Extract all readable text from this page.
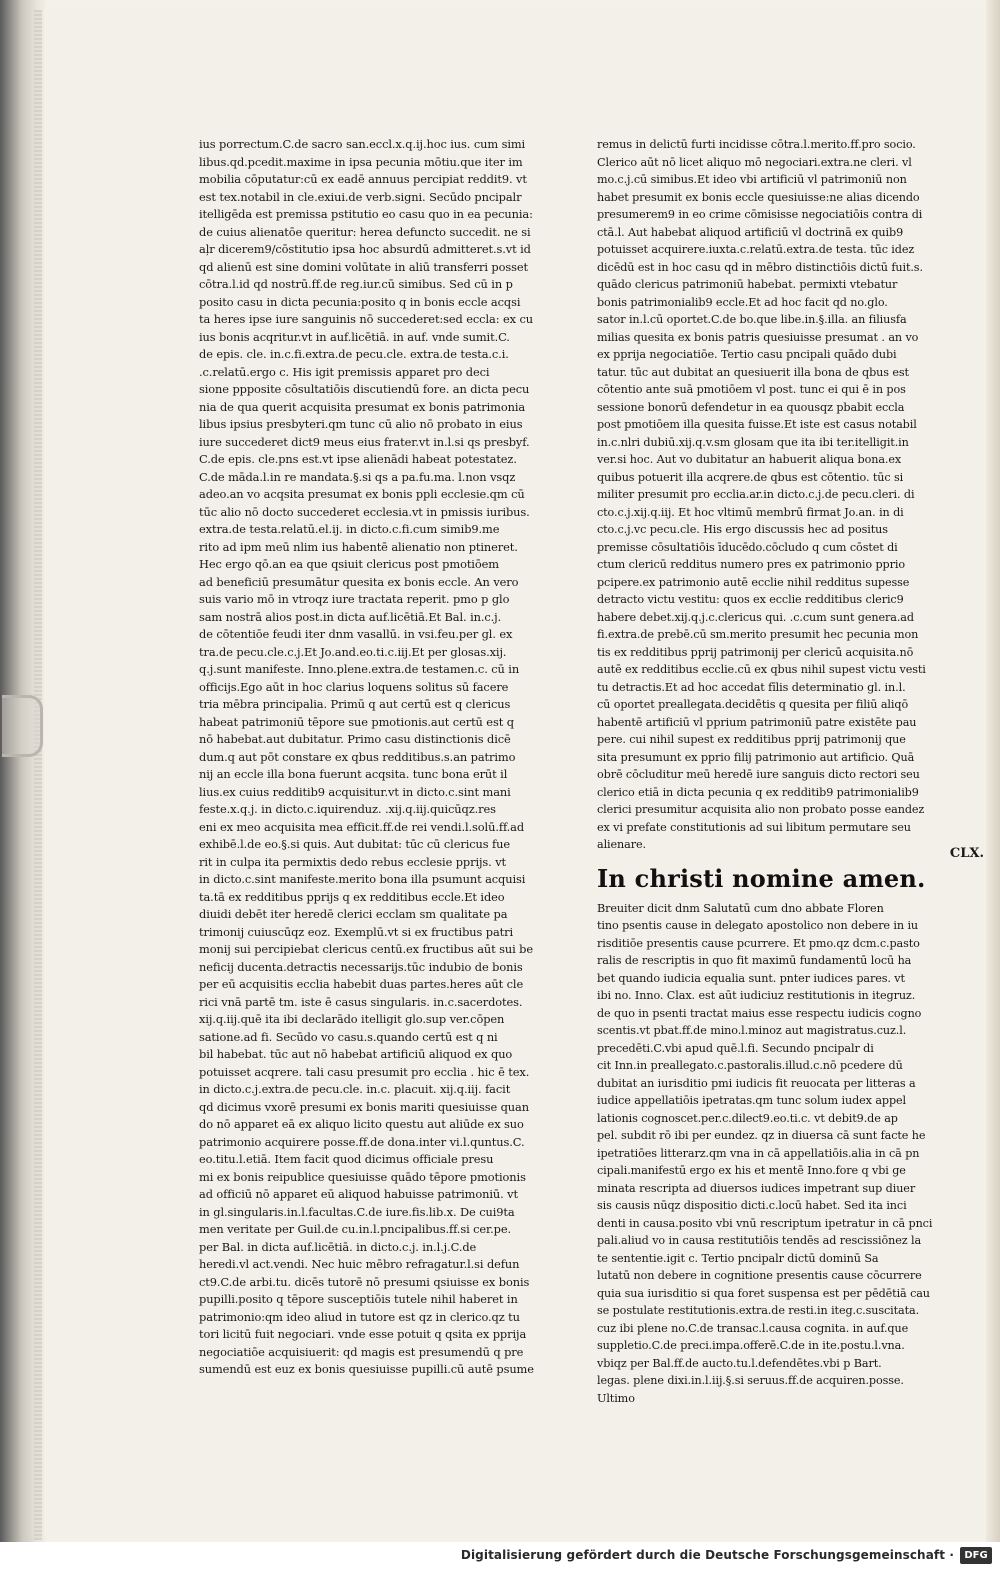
ius porrectum.C.de sacro san.eccl.x.q.ij.hoc ius. cum simi

libus.qd.pcedit.maxime in ipsa pecunia mōtiu.que iter im

mobilia cōputatur:cū ex eadē annuus percipiat reddit9. vt

est tex.notabil in cle.exiui.de verb.signi. Secūdo pncipalr

itelligēda est premissa pstitutio eo casu quo in ea pecunia:

de cuius alienatōe queritur: herea defuncto succedit. ne si

aļr dicerem9/cōstitutio ipsa hoc absurdū admitteret.s.vt id

qd alienū est sine domini volūtate in aliū transferri posset

cōtra.l.id qd nostrū.ff.de reg.iur.cū simibus. Sed cū in p

posito casu in dicta pecunia:posito q in bonis eccle acqsi

ta heres ipse iure sanguinis nō succederet:sed eccla: ex cu

ius bonis acqritur.vt in auf.licētiā. in auf. vnde sumit.C.

de epis. cle. in.c.fi.extra.de pecu.cle. extra.de testa.c.i.

.c.relatū.ergo c. His igit premissis apparet pro deci

sione ppposite cōsultatiōis discutiendū fore. an dicta pecu

nia de qua querit acquisita presumat ex bonis patrimonia

libus ipsius presbyteri.qm tunc cū alio nō probato in eius

iure succederet dict9 meus eius frater.vt in.l.si qs presbyf.

C.de epis. cle.pns est.vt ipse alienādi habeat potestatez.

C.de māda.l.in re mandata.§.si qs a pa.fu.ma. l.non vsqz

adeo.an vo acqsita presumat ex bonis ppli ecclesie.qm cū

tūc alio nō docto succederet ecclesia.vt in pmissis iuribus.

extra.de testa.relatū.el.ij. in dicto.c.fi.cum simib9.me

rito ad ipm meū nlim ius habentē alienatio non ptineret.

Hec ergo qō.an ea que qsiuit clericus post pmotiōem

ad beneficiū presumātur quesita ex bonis eccle. An vero

suis vario mō in vtroqz iure tractata reperit. pmo p glo

sam nostrā alios post.in dicta auf.licētiā.Et Bal. in.c.j.

de cōtentiōe feudi iter dnm vasallū. in vsi.feu.per gl. ex

tra.de pecu.cle.c.j.Et Jo.and.eo.ti.c.iij.Et per glosas.xij.

q.j.sunt manifeste. Inno.plene.extra.de testamen.c. cū in

officijs.Ego aūt in hoc clarius loquens solitus sū facere

tria mēbra principalia. Primū q aut certū est q clericus

habeat patrimoniū tēpore sue pmotionis.aut certū est q

nō habebat.aut dubitatur. Primo casu distinctionis dicē

dum.q aut pōt constare ex qbus redditibus.s.an patrimo

nij an eccle illa bona fuerunt acqsita. tunc bona erūt il

lius.ex cuius redditib9 acquisitur.vt in dicto.c.sint mani

feste.x.q.j. in dicto.c.iquirenduz. .xij.q.iij.quicūqz.res

eni ex meo acquisita mea efficit.ff.de rei vendi.l.solū.ff.ad

exhibē.l.de eo.§.si quis. Aut dubitat: tūc cū clericus fue

rit in culpa ita permixtis dedo rebus ecclesie pprijs. vt

in dicto.c.sint manifeste.merito bona illa psumunt acquisi

ta.tā ex redditibus pprijs q ex redditibus eccle.Et ideo

diuidi debēt iter heredē clerici ecclam sm qualitate pa

trimonij cuiuscūqz eoz. Exemplū.vt si ex fructibus patri

monij sui percipiebat clericus centū.ex fructibus aūt sui be

neficij ducenta.detractis necessarijs.tūc indubio de bonis

per eū acquisitis ecclia habebit duas partes.heres aūt cle

rici vnā partē tm. iste ē casus singularis. in.c.sacerdotes.

xij.q.iij.quē ita ibi declarādo itelligit glo.sup ver.cōpen

satione.ad fi. Secūdo vo casu.s.quando certū est q ni

bil habebat. tūc aut nō habebat artificiū aliquod ex quo

potuisset acqrere. tali casu presumit pro ecclia . hic ē tex.

in dicto.c.j.extra.de pecu.cle. in.c. placuit. xij.q.iij. facit

qd dicimus vxorē presumi ex bonis mariti quesiuisse quan

do nō apparet eā ex aliquo licito questu aut aliūde ex suo

patrimonio acquirere posse.ff.de dona.inter vi.l.quntus.C.

eo.titu.l.etiā. Item facit quod dicimus officiale presu

mi ex bonis reipublice quesiuisse quādo tēpore pmotionis

ad officiū nō apparet eū aliquod habuisse patrimoniū. vt

in gl.singularis.in.l.facultas.C.de iure.fis.lib.x. De cui9ta

men veritate per Guil.de cu.in.l.pncipalibus.ff.si cer.pe.

per Bal. in dicta auf.licētiā. in dicto.c.j. in.l.j.C.de

heredi.vl act.vendi. Nec huic mēbro refragatur.l.si defun

ct9.C.de arbi.tu. dicēs tutorē nō presumi qsiuisse ex bonis

pupilli.posito q tēpore susceptiōis tutele nihil haberet in

patrimonio:qm ideo aliud in tutore est qz in clerico.qz tu

tori licitū fuit negociari. vnde esse potuit q qsita ex pprija

negociatiōe acquisiuerit: qd magis est presumendū q pre

sumendū est euz ex bonis quesiuisse pupilli.cū autē psume

remus in delictū furti incidisse cōtra.l.merito.ff.pro socio.

Clerico aūt nō licet aliquo mō negociari.extra.ne cleri. vl

mo.c.j.cū simibus.Et ideo vbi artificiū vl patrimoniū non

habet presumit ex bonis eccle quesiuisse:ne alias dicendo

presumerem9 in eo crime cōmisisse negociatiōis contra di

ctā.l. Aut habebat aliquod artificiū vl doctrinā ex quib9

potuisset acquirere.iuxta.c.relatū.extra.de testa. tūc idez

dicēdū est in hoc casu qd in mēbro distinctiōis dictū fuit.s.

quādo clericus patrimoniū habebat. permixti vtebatur

bonis patrimonialib9 eccle.Et ad hoc facit qd no.glo.

sator in.l.cū oportet.C.de bo.que libe.in.§.illa. an filiusfa

milias quesita ex bonis patris quesiuisse presumat . an vo

ex pprija negociatiōe. Tertio casu pncipali quādo dubi

tatur. tūc aut dubitat an quesiuerit illa bona de qbus est

cōtentio ante suā pmotiōem vl post. tunc ei qui ē in pos

sessione bonorū defendetur in ea quousqz pbabit eccla

post pmotiōem illa quesita fuisse.Et iste est casus notabil

in.c.nlri dubiū.xij.q.v.sm glosam que ita ibi ter.itelligit.in

ver.si hoc. Aut vo dubitatur an habuerit aliqua bona.ex

quibus potuerit illa acqrere.de qbus est cōtentio. tūc si

militer presumit pro ecclia.ar.in dicto.c.j.de pecu.cleri. di

cto.c.j.xij.q.iij. Et hoc vltimū membrū firmat Jo.an. in di

cto.c.j.vc pecu.cle. His ergo discussis hec ad positus

premisse cōsultatiōis īducēdo.cōcludo q cum cōstet di

ctum clericū redditus numero pres ex patrimonio pprio

pcipere.ex patrimonio autē ecclie nihil redditus supesse

detracto victu vestitu: quos ex ecclie redditibus cleric9

habere debet.xij.q.j.c.clericus qui. .c.cum sunt genera.ad

fi.extra.de prebē.cū sm.merito presumit hec pecunia mon

tis ex redditibus pprij patrimonij per clericū acquisita.nō

autē ex redditibus ecclie.cū ex qbus nihil supest victu vesti

tu detractis.Et ad hoc accedat fīlis determinatio gl. in.l.

cū oportet preallegata.decidētis q quesita per filiū aliqō

habentē artificiū vl pprium patrimoniū patre existēte pau

pere. cui nihil supest ex redditibus pprij patrimonij que

sita presumunt ex pprio filij patrimonio aut artificio. Quā

obrē cōcluditur meū heredē iure sanguis dicto rectori seu

clerico etiā in dicta pecunia q ex redditib9 patrimonialib9

clerici presumitur acquisita alio non probato posse eandez

ex vi prefate constitutionis ad sui libitum permutare seu

alienare.

CLX.
In christi nomine amen.

Breuiter dicit dnm Salutatū cum dno abbate Floren

tino psentis cause in delegato apostolico non debere in iu

risditiōe presentis cause pcurrere. Et pmo.qz dcm.c.pasto

ralis de rescriptis in quo fit maximū fundamentū locū ha

bet quando iudicia equalia sunt. pnter iudices pares. vt

ibi no. Inno. Clax. est aūt iudiciuz restitutionis in itegruz.

de quo in psenti tractat maius esse respectu iudicis cogno

scentis.vt pbat.ff.de mino.l.minoz aut magistratus.cuz.l.

precedēti.C.vbi apud quē.l.fi. Secundo pncipalr di

cit Inn.in preallegato.c.pastoralis.illud.c.nō pcedere dū

dubitat an iurisditio pmi iudicis fit reuocata per litteras a

iudice appellatiōis ipetratas.qm tunc solum iudex appel

lationis cognoscet.per.c.dilect9.eo.ti.c. vt debit9.de ap

pel. subdit rō ibi per eundez. qz in diuersa cā sunt facte he

ipetratiōes litterarz.qm vna in cā appellatiōis.alia in cā pn

cipali.manifestū ergo ex his et mentē Inno.fore q vbi ge

minata rescripta ad diuersos iudices impetrant sup diuer

sis causis nūqz dispositio dicti.c.locū habet. Sed ita inci

denti in causa.posito vbi vnū rescriptum ipetratur in cā pnci

pali.aliud vo in causa restitutiōis tendēs ad rescissiōnez la

te sententie.igit c. Tertio pncipalr dictū dominū Sa

lutatū non debere in cognitione presentis cause cōcurrere

quia sua iurisditio si qua foret suspensa est per pēdētiā cau

se postulate restitutionis.extra.de resti.in iteg.c.suscitata.

cuz ibi plene no.C.de transac.l.causa cognita. in auf.que

suppletio.C.de preci.impa.offerē.C.de in ite.postu.l.vna.

vbiqz per Bal.ff.de aucto.tu.l.defendētes.vbi p Bart.

legas. plene dixi.in.l.iij.§.si seruus.ff.de acquiren.posse.

Ultimo

Digitalisierung gefördert durch die Deutsche Forschungsgemeinschaft ·	DFG
